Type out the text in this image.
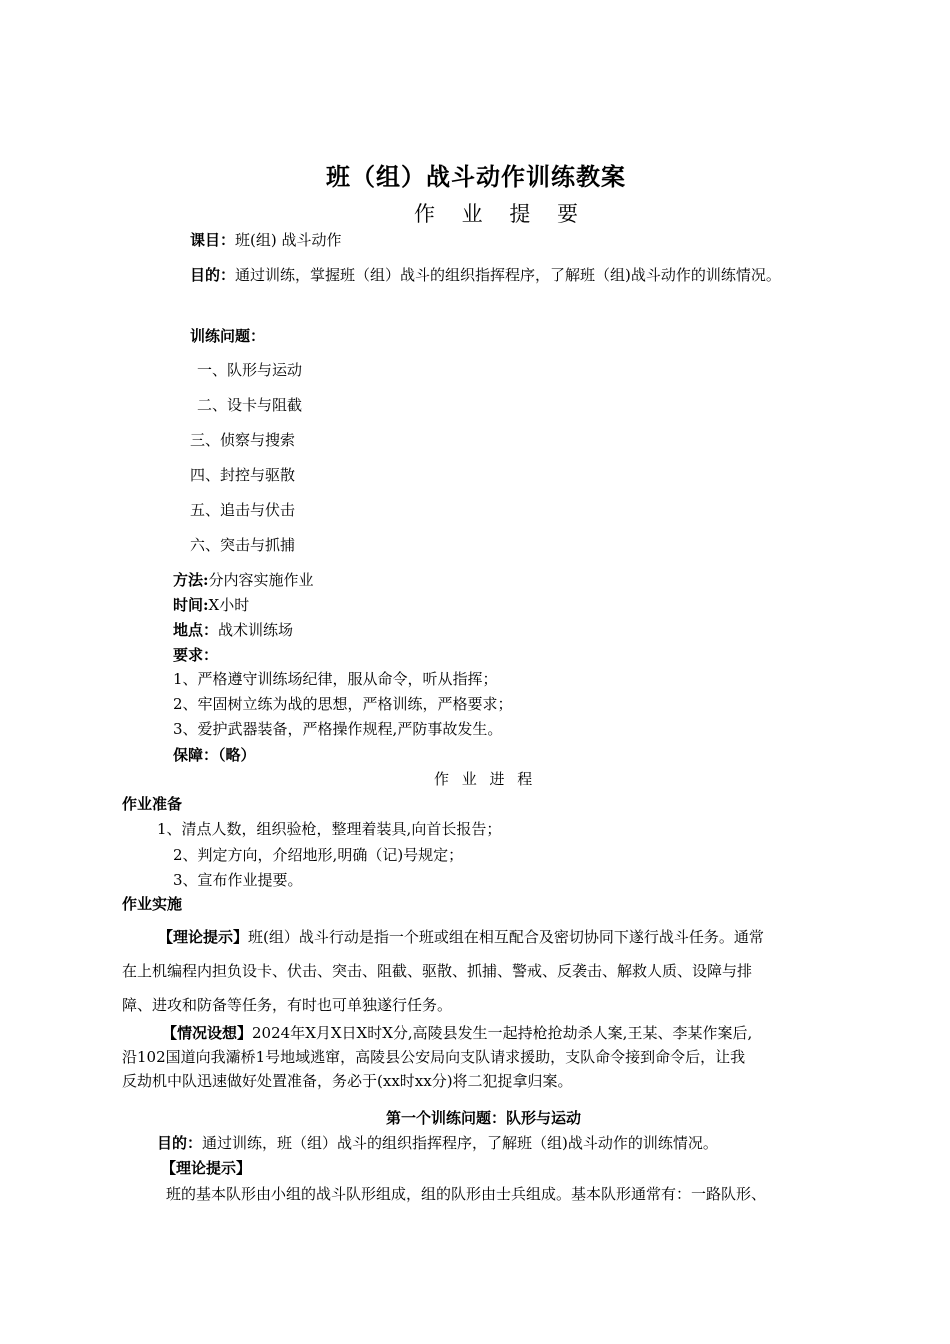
班（组）战斗动作训练教案
作 业 提 要
课目：班(组) 战斗动作
目的：通过训练，掌握班（组）战斗的组织指挥程序，了解班（组)战斗动作的训练情况。
训练问题：
一、队形与运动
二、设卡与阻截
三、侦察与搜索
四、封控与驱散
五、追击与伏击
六、突击与抓捕
方法:分内容实施作业
时间:X小时
地点：战术训练场
要求：
1、严格遵守训练场纪律，服从命令，听从指挥；
2、牢固树立练为战的思想，严格训练，严格要求；
3、爱护武器装备，严格操作规程,严防事故发生。
保障：（略）
作 业 进 程
作业准备
1、清点人数，组织验枪，整理着装具,向首长报告；
2、判定方向，介绍地形,明确（记)号规定；
3、宣布作业提要。
作业实施
【理论提示】班(组）战斗行动是指一个班或组在相互配合及密切协同下遂行战斗任务。通常
在上机编程内担负设卡、伏击、突击、阻截、驱散、抓捕、警戒、反袭击、解救人质、设障与排
障、进攻和防备等任务，有时也可单独遂行任务。
【情况设想】2024年X月X日X时X分,高陵县发生一起持枪抢劫杀人案,王某、李某作案后,
沿102国道向我灞桥1号地域逃窜，高陵县公安局向支队请求援助，支队命令接到命令后，让我
反劫机中队迅速做好处置准备，务必于(xx时xx分)将二犯捉拿归案。
第一个训练问题：队形与运动
目的：通过训练，班（组）战斗的组织指挥程序，了解班（组)战斗动作的训练情况。
【理论提示】
班的基本队形由小组的战斗队形组成，组的队形由士兵组成。基本队形通常有：一路队形、
